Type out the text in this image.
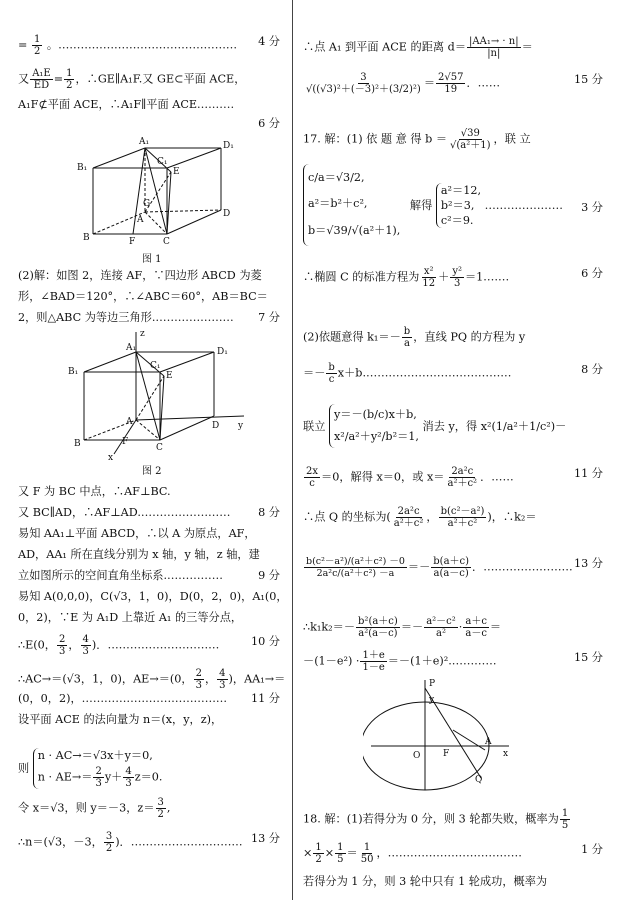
= $\frac{1}{2}$ 。………………………………………… 4 分
又 $\frac{\text{A₁E}}{ED} = \frac{1}{2}$ ，∴GE∥A₁F.又 GE⊂平面 ACE，
A₁F⊄平面 ACE，∴A₁F∥平面 ACE.………
6 分
A₁	D₁
B₁
C₁
E
G
D
B	F	C
A
图 1
(2)解：如图 2，连接 AF，∵四边形 ABCD 为菱
形，∠BAD＝120°，∴∠ABC＝60°，AB＝BC＝
2，则△ABC 为等边三角形.………………… 7 分
z
A₁	D₁
B₁
C₁
E
y
D
B	F
C
x
A
图 2
又 F 为 BC 中点，∴AF⊥BC.
又 BC∥AD，∴AF⊥AD.…………………… 8 分
易知 AA₁⊥平面 ABCD，∴以 A 为原点，AF，
AD，AA₁ 所在直线分别为 x 轴，y 轴，z 轴，建
立如图所示的空间直角坐标系.……………	9 分
易知 A(0,0,0)，C(√3，1，0)，D(0，2，0)，A₁(0，
0，2)，∵E 为 A₁D 上靠近 A₁ 的三等分点，
∴E(0， $\frac{2}{3}$ ， $\frac{4}{3}$ )．…………………………	10 分
∴AC→＝(√3，1，0)，AE→＝(0， $\frac{2}{3}$ ， $\frac{4}{3}$ )，AA₁→＝
(0，0，2)，………………………………… 11 分
设平面 ACE 的法向量为 n＝(x，y，z)，
则
n · AC→＝√3x＋y＝0,
$n \cdot AE\to= \frac{2}{3} y+ \frac{4}{3} z=0$.
令 x＝√3，则 y＝－3，$z= \frac{3}{2}$ ,
∴n＝(√3，－3， $\frac{3}{2}$ )．………………………… 13 分
∴点 A₁ 到平面 ACE 的距离 $d= \frac{\text{|AA₁→ · n|}}{|n|}$ ＝
$\frac{3}{\text{√((√3)²＋(－3)²＋(3/2)²)}} = \frac{2√57}{19}$ ．……	15 分
17. 解：(1) 依 题 意 得 $b = \frac{√39}{\text{√(a²＋1)}}$ ，联 立
c/a＝√3/2,
a²＝b²＋c²,
b＝√39/√(a²＋1),
解得
a²＝12,
b²＝3,
c²＝9.
………………… 3 分
∴椭圆 C 的标准方程为 $\frac{\text{x²}}{12} + \frac{\text{y²}}{3}$ ＝1.……	6 分
(2)依题意得 $k_1=- \frac{b}{a}$ ，直线 PQ 的方程为 y
＝－ $\frac{b}{c}$ x＋b.…………………………………	8 分
联立
y＝－(b/c)x＋b,
x²/a²＋y²/b²＝1,
消去 y，得 x²(1/a²＋1/c²)－
$\frac{2x}{c} =0$，解得 x＝0，或 $x= \frac{\text{2a²c}}{\text{a²＋c²}}$ ．……	11 分
∴点 Q 的坐标为( $\frac{\text{2a²c}}{\text{a²＋c²}}$ ， $\frac{\text{b(c²－a²)}}{\text{a²＋c²}}$ )，∴k₂＝
$\frac{\text{b(c²－a²)/(a²＋c²) －0}}{\text{2a²c/(a²＋c²) －a}} =- \frac{b(a+c)}{a(a-c)}$ ．…………………… 13 分
∴k₁k₂＝－ $\frac{\text{b²(a＋c)}}{\text{a²(a－c)}} =- \frac{\text{a²－c²}}{\text{a²}} \cdot \frac{a+c}{a-c}$ ＝
$-(1-e^2) \cdot \frac{1+e}{1-e}$ ＝－(1＋e)².…………	15 分
P
O	F
A
x
Q
y
18. 解：(1)若得分为 0 分，则 3 轮都失败，概率为 $\frac{1}{5}$
× $\frac{1}{2} \times \frac{1}{5} = \frac{1}{50}$ ，………………………………	1 分
若得分为 1 分，则 3 轮中只有 1 轮成功，概率为
